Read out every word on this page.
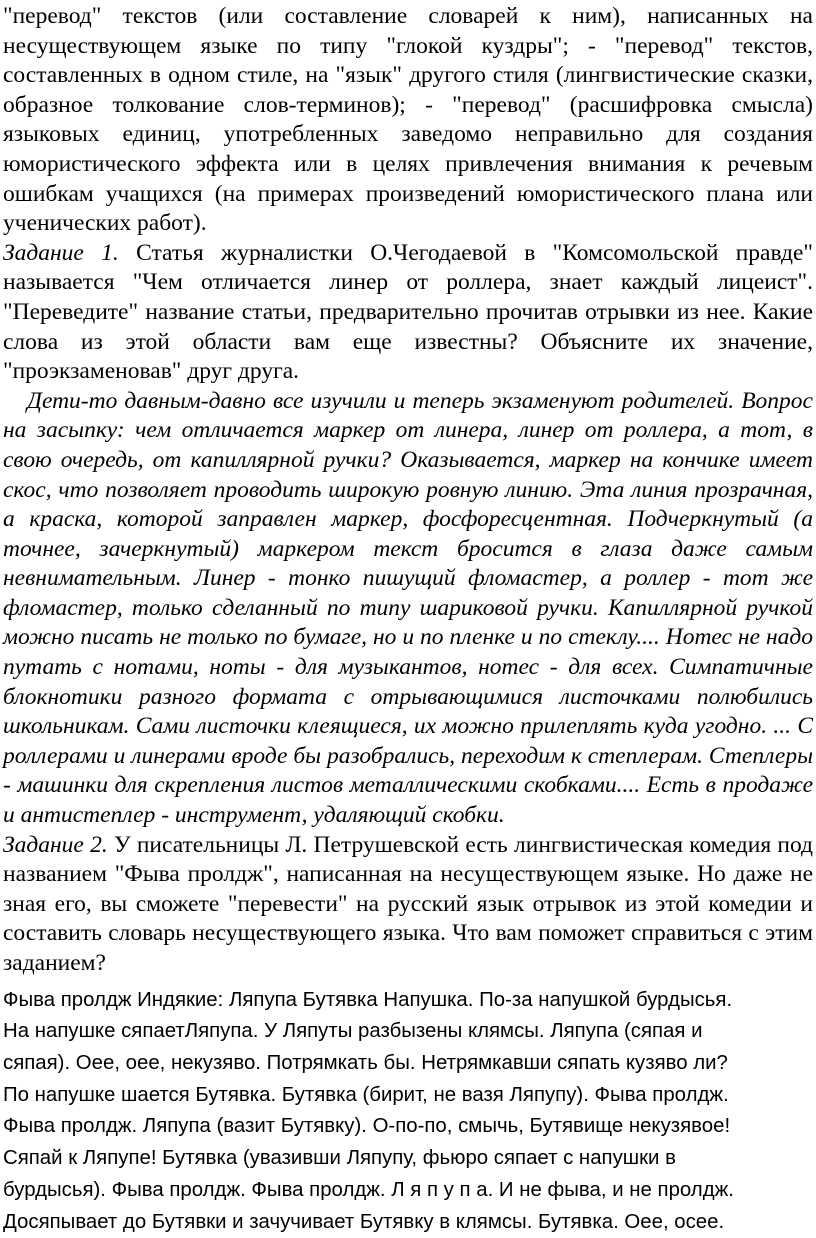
"перевод" текстов (или составление словарей к ним), написанных на несуществующем языке по типу "глокой куздры"; - "перевод" текстов, составленных в одном стиле, на "язык" другого стиля (лингвистические сказки, образное толкование слов-терминов); - "перевод" (расшифровка смысла) языковых единиц, употребленных заведомо неправильно для создания юмористического эффекта или в целях привлечения внимания к речевым ошибкам учащихся (на примерах произведений юмористического плана или ученических работ).

Задание 1. Статья журналистки О.Чегодаевой в "Комсомольской правде" называется "Чем отличается линер от роллера, знает каждый лицеист". "Переведите" название статьи, предварительно прочитав отрывки из нее. Какие слова из этой области вам еще известны? Объясните их значение, "проэкзаменовав" друг друга.

Дети-то давным-давно все изучили и теперь экзаменуют родителей. Вопрос на засыпку: чем отличается маркер от линера, линер от роллера, а тот, в свою очередь, от капиллярной ручки? Оказывается, маркер на кончике имеет скос, что позволяет проводить широкую ровную линию. Эта линия прозрачная, а краска, которой заправлен маркер, фосфоресцентная. Подчеркнутый (а точнее, зачеркнутый) маркером текст бросится в глаза даже самым невнимательным. Линер - тонко пишущий фломастер, а роллер - тот же фломастер, только сделанный по типу шариковой ручки. Капиллярной ручкой можно писать не только по бумаге, но и по пленке и по стеклу.... Нотес не надо путать с нотами, ноты - для музыкантов, нотес - для всех. Симпатичные блокнотики разного формата с отрывающимися листочками полюбились школьникам. Сами листочки клеящиеся, их можно прилеплять куда угодно. ... С роллерами и линерами вроде бы разобрались, переходим к степлерам. Степлеры - машинки для скрепления листов металлическими скобками.... Есть в продаже и антистеплер - инструмент, удаляющий скобки.

Задание 2. У писательницы Л. Петрушевской есть лингвистическая комедия под названием "Фыва пролдж", написанная на несуществующем языке. Но даже не зная его, вы сможете "перевести" на русский язык отрывок из этой комедии и составить словарь несуществующего языка. Что вам поможет справиться с этим заданием?

Фыва пролдж Индякие: Ляпупа Бутявка Напушка. По-за напушкой бурдысья.
На напушке сяпаетЛяпупа. У Ляпуты разбызены клямсы. Ляпупа (сяпая и
сяпая). Оее, оее, некузяво. Потрямкать бы. Нетрямкавши сяпать кузяво ли?
По напушке шается Бутявка. Бутявка (бирит, не вазя Ляпупу). Фыва пролдж.
Фыва пролдж. Ляпупа (вазит Бутявку). О-по-по, смычь, Бутявище некузявое!
Сяпай к Ляпупе! Бутявка (увазивши Ляпупу, фьюро сяпает с напушки в
бурдысья). Фыва пролдж. Фыва пролдж. Л я п у п а. И не фыва, и не пролдж.
Досяпывает до Бутявки и зачучивает Бутявку в клямсы. Бутявка. Оее, осее.
